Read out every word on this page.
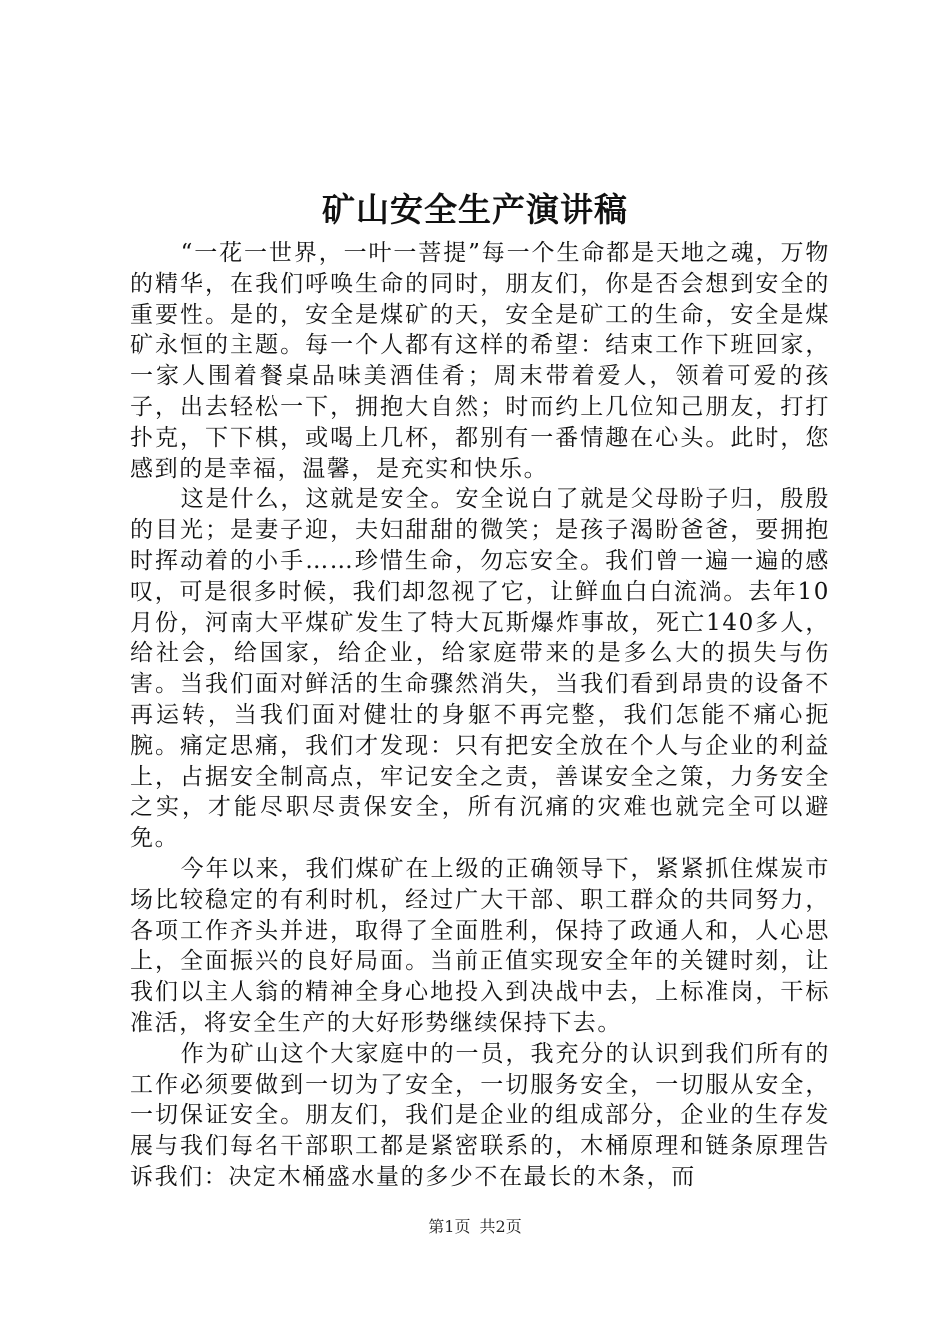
矿山安全生产演讲稿

“一花一世界，一叶一菩提”每一个生命都是天地之魂，万物的精华，在我们呼唤生命的同时，朋友们，你是否会想到安全的重要性。是的，安全是煤矿的天，安全是矿工的生命，安全是煤矿永恒的主题。每一个人都有这样的希望：结束工作下班回家，一家人围着餐桌品味美酒佳肴；周末带着爱人，领着可爱的孩子，出去轻松一下，拥抱大自然；时而约上几位知己朋友，打打扑克，下下棋，或喝上几杯，都别有一番情趣在心头。此时，您感到的是幸福，温馨，是充实和快乐。

这是什么，这就是安全。安全说白了就是父母盼子归，殷殷的目光；是妻子迎，夫妇甜甜的微笑；是孩子渴盼爸爸，要拥抱时挥动着的小手……珍惜生命，勿忘安全。我们曾一遍一遍的感叹，可是很多时候，我们却忽视了它，让鲜血白白流淌。去年10月份，河南大平煤矿发生了特大瓦斯爆炸事故，死亡140多人，给社会，给国家，给企业，给家庭带来的是多么大的损失与伤害。当我们面对鲜活的生命骤然消失，当我们看到昂贵的设备不再运转，当我们面对健壮的身躯不再完整，我们怎能不痛心扼腕。痛定思痛，我们才发现：只有把安全放在个人与企业的利益上，占据安全制高点，牢记安全之责，善谋安全之策，力务安全之实，才能尽职尽责保安全，所有沉痛的灾难也就完全可以避免。

今年以来，我们煤矿在上级的正确领导下，紧紧抓住煤炭市场比较稳定的有利时机，经过广大干部、职工群众的共同努力，各项工作齐头并进，取得了全面胜利，保持了政通人和，人心思上，全面振兴的良好局面。当前正值实现安全年的关键时刻，让我们以主人翁的精神全身心地投入到决战中去，上标准岗，干标准活，将安全生产的大好形势继续保持下去。

作为矿山这个大家庭中的一员，我充分的认识到我们所有的工作必须要做到一切为了安全，一切服务安全，一切服从安全，一切保证安全。朋友们，我们是企业的组成部分，企业的生存发展与我们每名干部职工都是紧密联系的，木桶原理和链条原理告诉我们：决定木桶盛水量的多少不在最长的木条，而

第1页 共2页
